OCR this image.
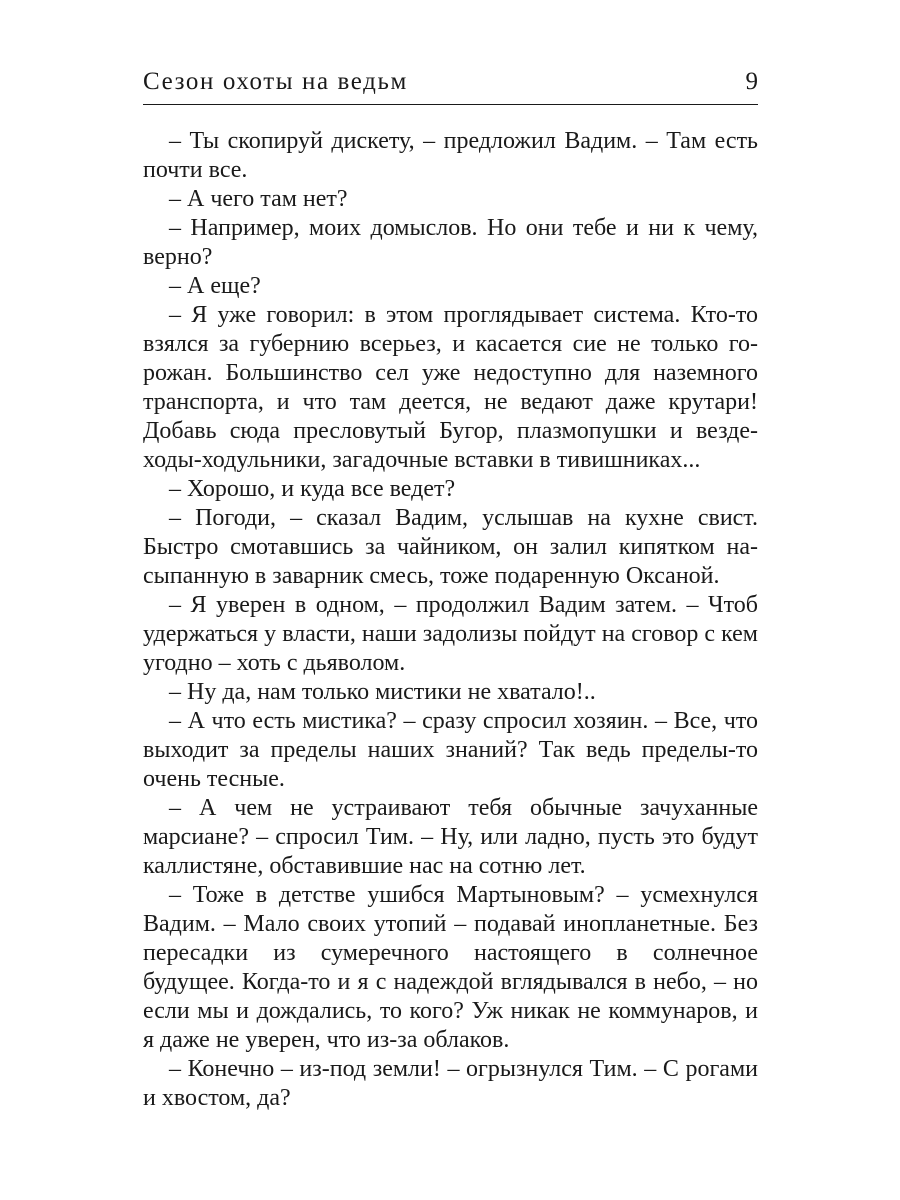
Сезон охоты на ведьм	9

– Ты скопируй дискету, – предложил Вадим. – Там есть почти все.

– А чего там нет?

– Например, моих домыслов. Но они тебе и ни к чему, верно?

– А еще?

– Я уже говорил: в этом проглядывает система. Кто-то взялся за губернию всерьез, и касается сие не только горожан. Большинство сел уже недоступно для наземного транспорта, и что там деется, не ведают даже крутари! Добавь сюда пресловутый Бугор, плазмопушки и вездеходы-ходульники, загадочные вставки в тивишниках...

– Хорошо, и куда все ведет?

– Погоди, – сказал Вадим, услышав на кухне свист. Быстро смотавшись за чайником, он залил кипятком насыпанную в заварник смесь, тоже подаренную Оксаной.

– Я уверен в одном, – продолжил Вадим затем. – Чтоб удержаться у власти, наши задолизы пойдут на сговор с кем угодно – хоть с дьяволом.

– Ну да, нам только мистики не хватало!..

– А что есть мистика? – сразу спросил хозяин. – Все, что выходит за пределы наших знаний? Так ведь пределы-то очень тесные.

– А чем не устраивают тебя обычные зачуханные марсиане? – спросил Тим. – Ну, или ладно, пусть это будут каллистяне, обставившие нас на сотню лет.

– Тоже в детстве ушибся Мартыновым? – усмехнулся Вадим. – Мало своих утопий – подавай инопланетные. Без пересадки из сумеречного настоящего в солнечное будущее. Когда-то и я с надеждой вглядывался в небо, – но если мы и дождались, то кого? Уж никак не коммунаров, и я даже не уверен, что из-за облаков.

– Конечно – из-под земли! – огрызнулся Тим. – С рогами и хвостом, да?
